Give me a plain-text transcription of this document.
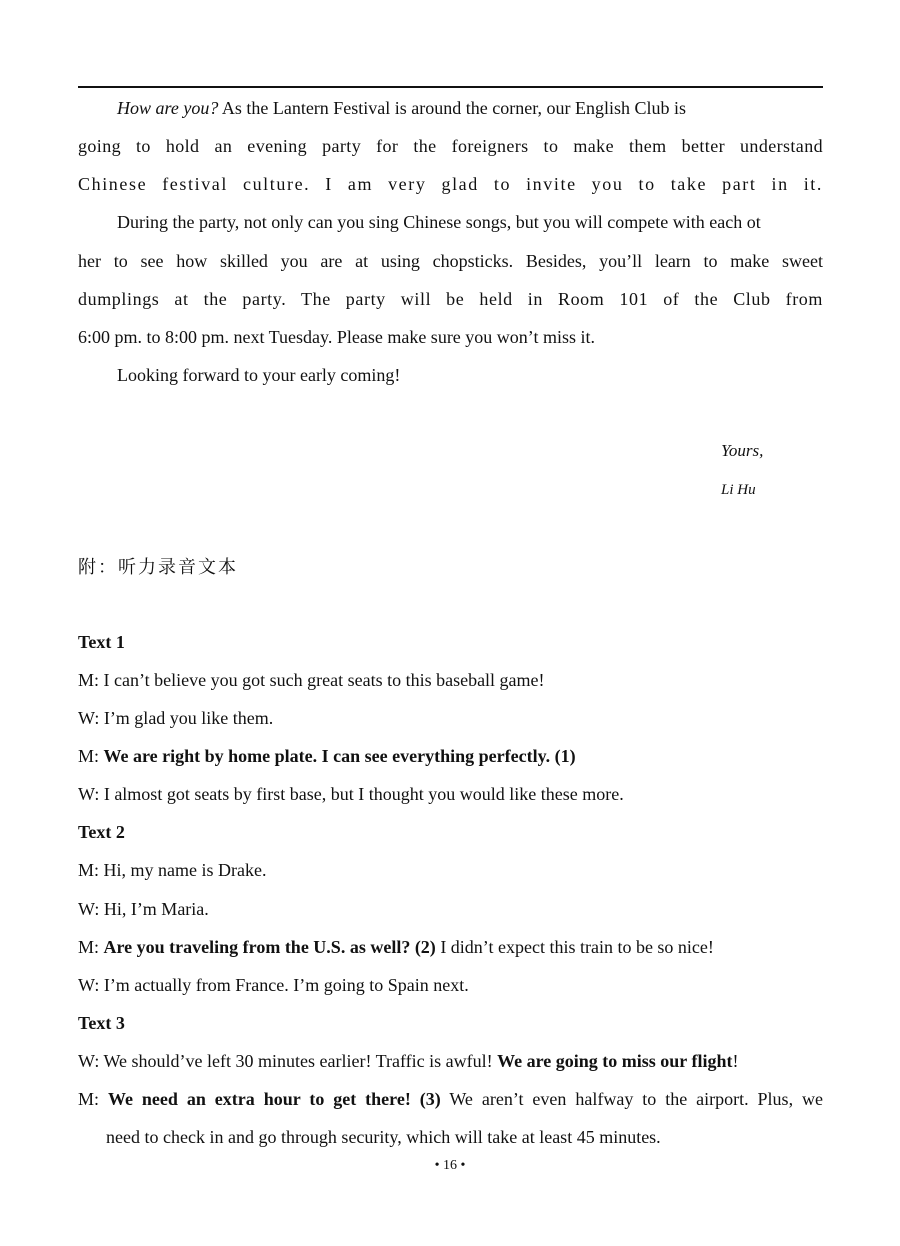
How are you? As the Lantern Festival is around the corner, our English Club is
going to hold an evening party for the foreigners to make them better understand
Chinese festival culture. I am very glad to invite you to take part in it.
During the party, not only can you sing Chinese songs, but you will compete with each ot
her to see how skilled you are at using chopsticks. Besides, you’ll learn to make sweet
dumplings at the party. The party will be held in Room 101 of the Club from
6:00 pm. to 8:00 pm. next Tuesday. Please make sure you won’t miss it.
Looking forward to your early coming!
Yours,
Li Hu
附：听力录音文本
Text 1
M: I can’t believe you got such great seats to this baseball game!
W: I’m glad you like them.
M: We are right by home plate. I can see everything perfectly. (1)
W: I almost got seats by first base, but I thought you would like these more.
Text 2
M: Hi, my name is Drake.
W: Hi, I’m Maria.
M: Are you traveling from the U.S. as well? (2) I didn’t expect this train to be so nice!
W: I’m actually from France. I’m going to Spain next.
Text 3
W: We should’ve left 30 minutes earlier! Traffic is awful! We are going to miss our flight!
M: We need an extra hour to get there! (3) We aren’t even halfway to the airport. Plus, we
need to check in and go through security, which will take at least 45 minutes.
• 16 •
